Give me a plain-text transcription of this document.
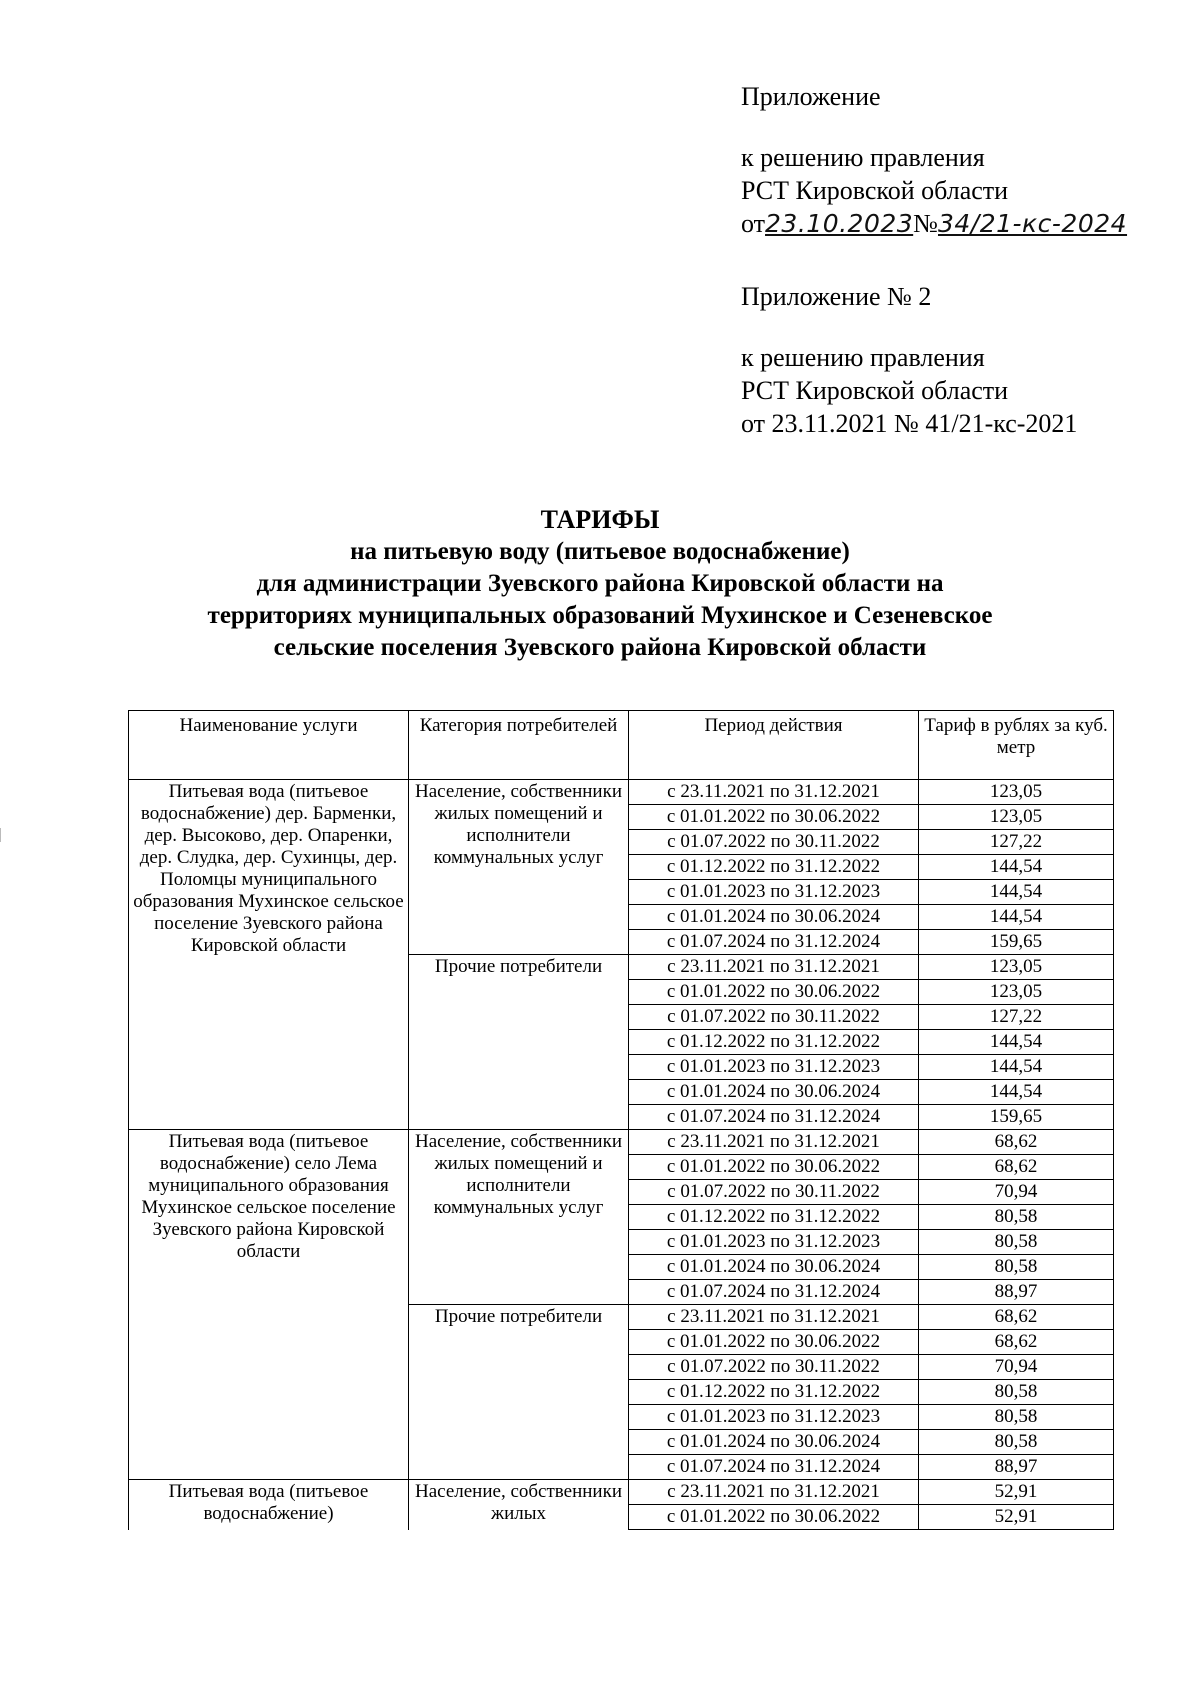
Приложение
к решению правления
РСТ Кировской области
от23.10.2023№34/21-кс-2024
Приложение № 2
к решению правления
РСТ Кировской области
от 23.11.2021 № 41/21-кс-2021
ТАРИФЫ
на питьевую воду (питьевое водоснабжение)
для администрации Зуевского района Кировской области на
территориях муниципальных образований Мухинское и Сезеневское
сельские поселения Зуевского района Кировской области
Наименование услуги	Категория потребителей	Период действия	Тариф в рублях за куб. метр
Питьевая вода (питьевое водоснабжение) дер. Барменки, дер. Высоково, дер. Опаренки, дер. Слудка, дер. Сухинцы, дер. Поломцы муниципального образования Мухинское сельское поселение Зуевского района Кировской области	Население, собственники жилых помещений и исполнители коммунальных услуг	с 23.11.2021 по 31.12.2021	123,05
		с 01.01.2022 по 30.06.2022	123,05
		с 01.07.2022 по 30.11.2022	127,22
		с 01.12.2022 по 31.12.2022	144,54
		с 01.01.2023 по 31.12.2023	144,54
		с 01.01.2024 по 30.06.2024	144,54
		с 01.07.2024 по 31.12.2024	159,65
	Прочие потребители	с 23.11.2021 по 31.12.2021	123,05
		с 01.01.2022 по 30.06.2022	123,05
		с 01.07.2022 по 30.11.2022	127,22
		с 01.12.2022 по 31.12.2022	144,54
		с 01.01.2023 по 31.12.2023	144,54
		с 01.01.2024 по 30.06.2024	144,54
		с 01.07.2024 по 31.12.2024	159,65
Питьевая вода (питьевое водоснабжение) село Лема муниципального образования Мухинское сельское поселение Зуевского района Кировской области	Население, собственники жилых помещений и исполнители коммунальных услуг	с 23.11.2021 по 31.12.2021	68,62
		с 01.01.2022 по 30.06.2022	68,62
		с 01.07.2022 по 30.11.2022	70,94
		с 01.12.2022 по 31.12.2022	80,58
		с 01.01.2023 по 31.12.2023	80,58
		с 01.01.2024 по 30.06.2024	80,58
		с 01.07.2024 по 31.12.2024	88,97
	Прочие потребители	с 23.11.2021 по 31.12.2021	68,62
		с 01.01.2022 по 30.06.2022	68,62
		с 01.07.2022 по 30.11.2022	70,94
		с 01.12.2022 по 31.12.2022	80,58
		с 01.01.2023 по 31.12.2023	80,58
		с 01.01.2024 по 30.06.2024	80,58
		с 01.07.2024 по 31.12.2024	88,97
Питьевая вода (питьевое водоснабжение)	Население, собственники жилых	с 23.11.2021 по 31.12.2021	52,91
		с 01.01.2022 по 30.06.2022	52,91
